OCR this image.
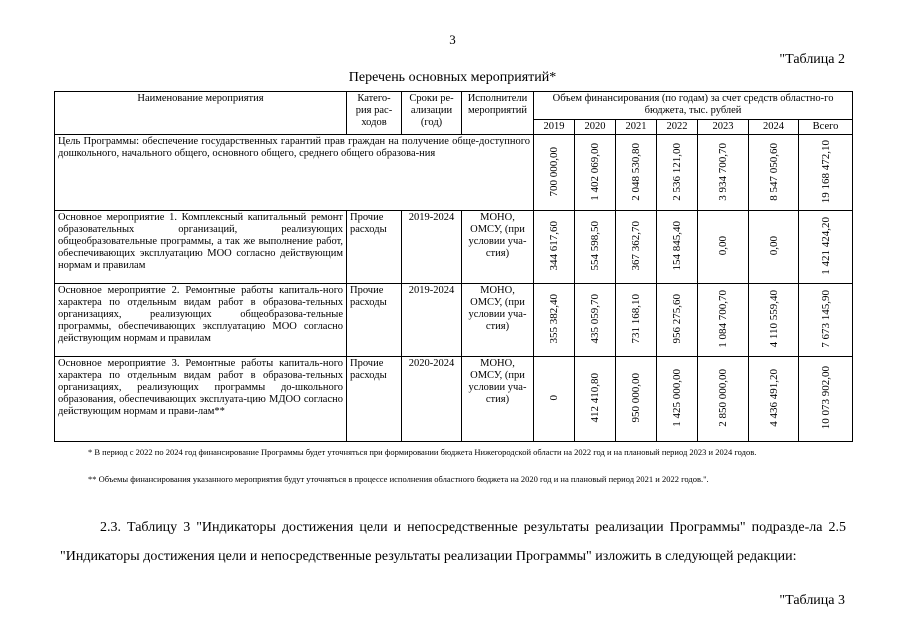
3
"Таблица 2
Перечень основных мероприятий*
Наименование мероприятия	Катего-рия рас-ходов	Сроки ре-ализации (год)	Исполнители мероприятий	Объем финансирования (по годам) за счет средств областно-го бюджета, тыс. рублей						
				2019	2020	2021	2022	2023	2024	Всего
Цель Программы: обеспечение государственных гарантий прав граждан на получение обще-доступного дошкольного, начального общего, основного общего, среднего общего образова-ния				700 000,00	1 402 069,00	2 048 530,80	2 536 121,00	3 934 700,70	8 547 050,60	19 168 472,10

Основное мероприятие 1. Комплексный капитальный ремонт образовательных организаций, реализующих общеобразовательные программы, а так же выполнение работ, обеспечивающих эксплуатацию МОО согласно действующим нормам и правилам	Прочие расходы	2019-2024	МОНО, ОМСУ, (при условии уча-стия)	344 617,60	554 598,50	367 362,70	154 845,40	0,00	0,00	1 421 424,20

Основное мероприятие 2. Ремонтные работы капиталь-ного характера по отдельным видам работ в образова-тельных организациях, реализующих общеобразова-тельные программы, обеспечивающих эксплуатацию МОО согласно действующим нормам и правилам	Прочие расходы	2019-2024	МОНО, ОМСУ, (при условии уча-стия)	355 382,40	435 059,70	731 168,10	956 275,60	1 084 700,70	4 110 559,40	7 673 145,90

Основное мероприятие 3. Ремонтные работы капиталь-ного характера по отдельным видам работ в образова-тельных организациях, реализующих программы до-школьного образования, обеспечивающих эксплуата-цию МДОО согласно действующим нормам и прави-лам**	Прочие расходы	2020-2024	МОНО, ОМСУ, (при условии уча-стия)	0	412 410,80	950 000,00	1 425 000,00	2 850 000,00	4 436 491,20	10 073 902,00
* В период с 2022 по 2024 год финансирование Программы будет уточняться при формировании бюджета Нижегородской области на 2022 год и на плановый период 2023 и 2024 годов.
** Объемы финансирования указанного мероприятия будут уточняться в процессе исполнения областного бюджета на 2020 год и на плановый период 2021 и 2022 годов.".
2.3. Таблицу 3 "Индикаторы достижения цели и непосредственные результаты реализации Программы" подразде-ла 2.5 "Индикаторы достижения цели и непосредственные результаты реализации Программы" изложить в следующей редакции:
"Таблица 3
